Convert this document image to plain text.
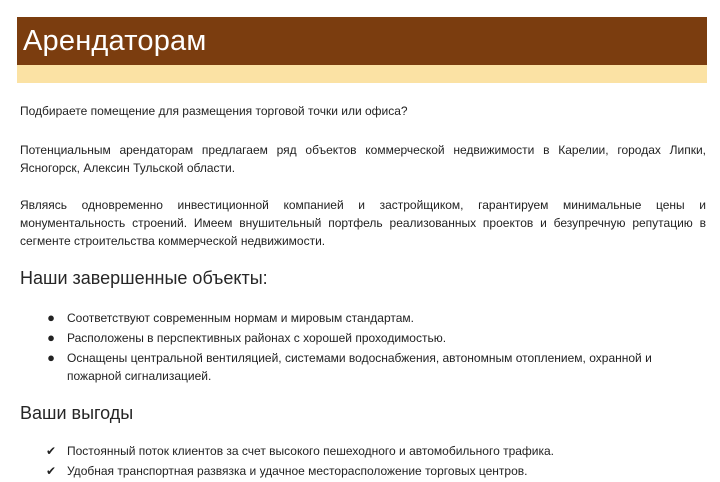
Арендаторам

Подбираете помещение для размещения торговой точки или офиса?

Потенциальным арендаторам предлагаем ряд объектов коммерческой недвижимости в Карелии, городах Липки, Ясногорск, Алексин Тульской области.

Являясь одновременно инвестиционной компанией и застройщиком, гарантируем минимальные цены и монументальность строений. Имеем внушительный портфель реализованных проектов и безупречную репутацию в сегменте строительства коммерческой недвижимости.

Наши завершенные объекты:
● Соответствуют современным нормам и мировым стандартам.
● Расположены в перспективных районах с хорошей проходимостью.
● Оснащены центральной вентиляцией, системами водоснабжения, автономным отоплением, охранной и пожарной сигнализацией.
Ваши выгоды
✔ Постоянный поток клиентов за счет высокого пешеходного и автомобильного трафика.
✔ Удобная транспортная развязка и удачное месторасположение торговых центров.
